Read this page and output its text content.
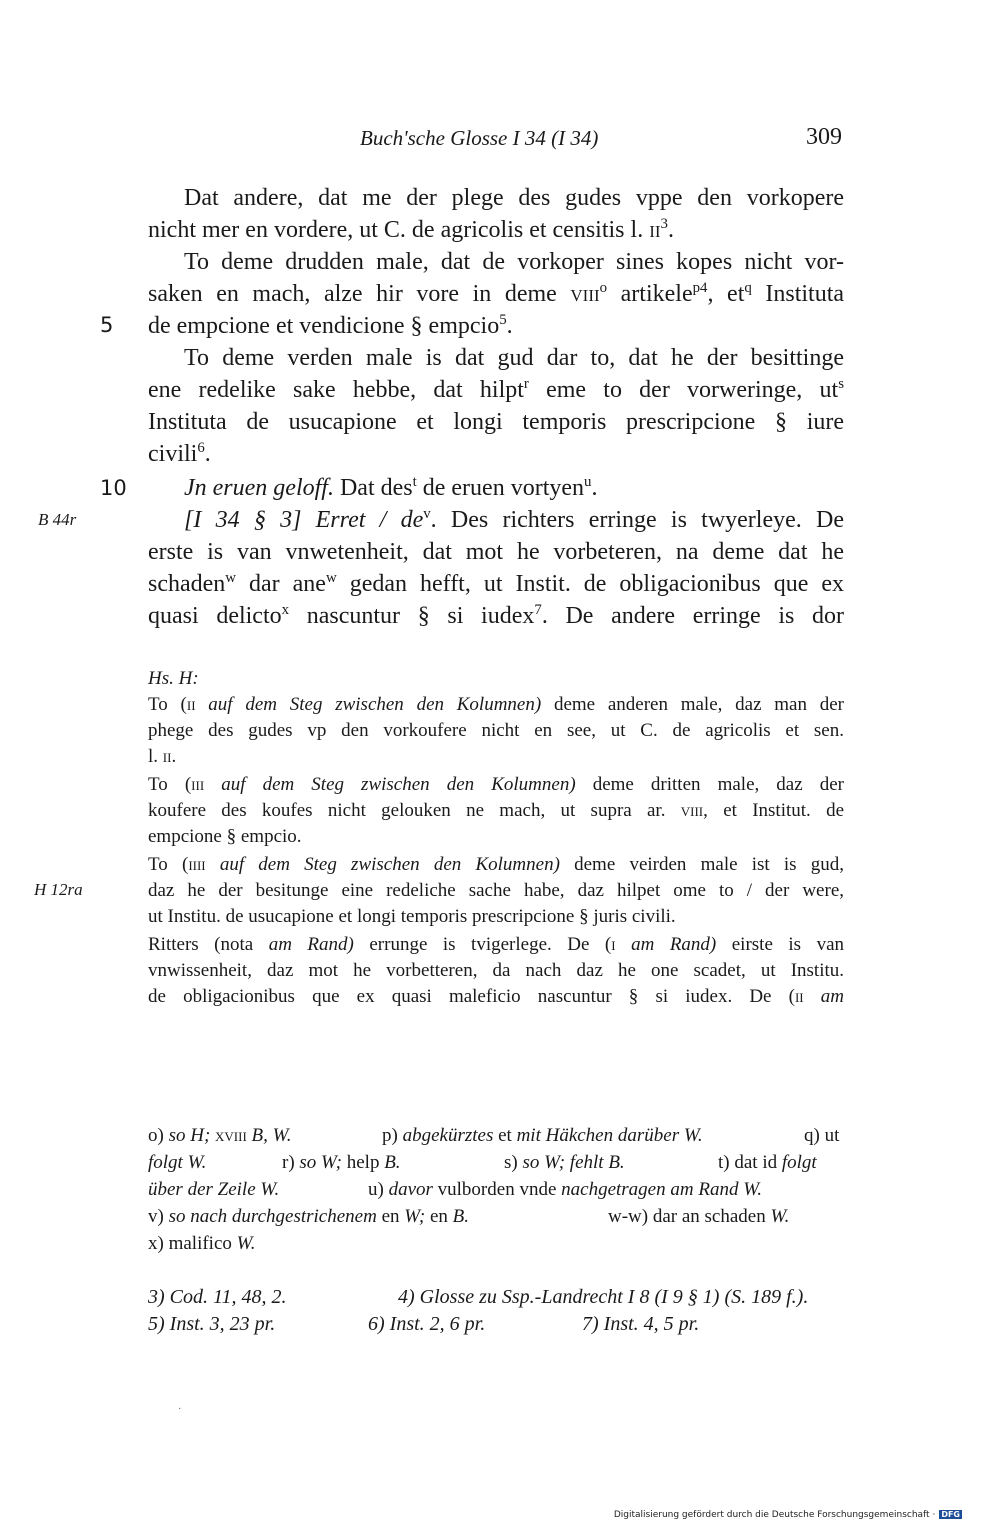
Buch'sche Glosse I 34 (I 34)	309
Dat andere, dat me der plege des gudes vppe den vorkopere
nicht mer en vordere, ut C. de agricolis et censitis l. $ii^3$.
To deme drudden male, dat de vorkoper sines kopes nicht vor-
saken en mach, alze hir vore in deme viii$^o$ artikele$^{p4}$, $et^q$ Instituta
de empcione et vendicione § empcio$^5$.
To deme verden male is dat gud dar to, dat he der besittinge
ene redelike sake hebbe, dat hilpt$^r$ eme to der vorweringe, $ut^s$
Instituta de usucapione et longi temporis prescripcione § iure
civili$^6$.
Jn eruen geloff. Dat des$^t$ de eruen vortyen$^u$.
[I 34 § 3] Erret / $de^v$. Des richters erringe is twyerleye. De
erste is van vnwetenheit, dat mot he vorbeteren, na deme dat he
schaden$^w$ dar ane$^w$ gedan hefft, ut Instit. de obligacionibus que ex
quasi delicto$^x$ nascuntur § si iudex$^7$. De andere erringe is dor
5
10
B 44r
H 12ra
Hs. H:
To (ii auf dem Steg zwischen den Kolumnen) deme anderen male, daz man der
phege des gudes vp den vorkoufere nicht en see, ut C. de agricolis et sen.
l. ii.
To (iii auf dem Steg zwischen den Kolumnen) deme dritten male, daz der
koufere des koufes nicht gelouken ne mach, ut supra ar. viii, et Institut. de
empcione § empcio.
To (iiii auf dem Steg zwischen den Kolumnen) deme veirden male ist is gud,
daz he der besitunge eine redeliche sache habe, daz hilpet ome to / der were,
ut Institu. de usucapione et longi temporis prescripcione § juris civili.
Ritters (nota am Rand) errunge is tvigerlege. De (i am Rand) eirste is van
vnwissenheit, daz mot he vorbetteren, da nach daz he one scadet, ut Institu.
de obligacionibus que ex quasi maleficio nascuntur § si iudex. De (ii am
o) so H; xviii B, W.	p) abgekürztes et mit Häkchen darüber W.	q) ut
folgt W.	r) so W; help B.	s) so W; fehlt B.	t) dat id folgt
über der Zeile W.	u) davor vulborden vnde nachgetragen am Rand W.
v) so nach durchgestrichenem en W; en B.	w-w) dar an schaden W.
x) malifico W.
3) Cod. 11, 48, 2.	4) Glosse zu Ssp.-Landrecht I 8 (I 9 § 1) (S. 189 f.).
5) Inst. 3, 23 pr.	6) Inst. 2, 6 pr.	7) Inst. 4, 5 pr.
·
Digitalisierung gefördert durch die Deutsche Forschungsgemeinschaft · DFG
